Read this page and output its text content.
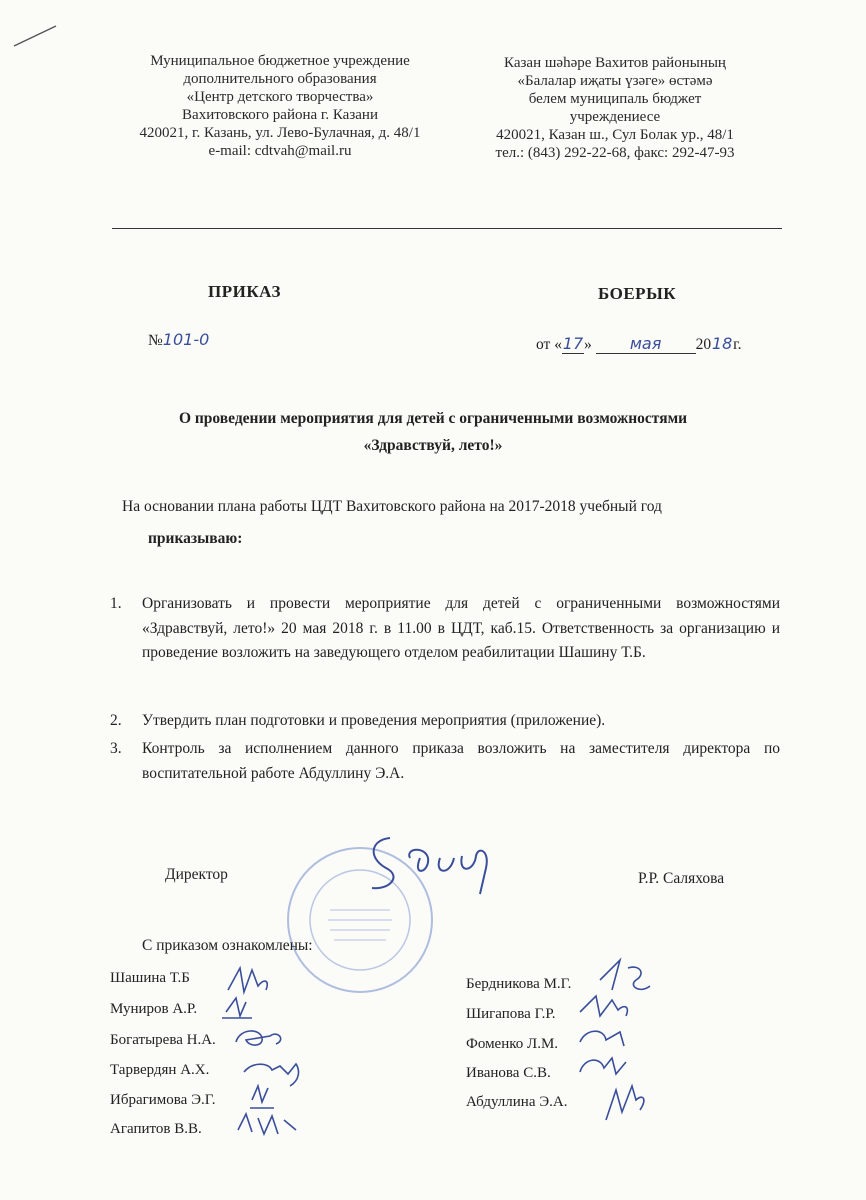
Муниципальное бюджетное учреждение
дополнительного образования
«Центр детского творчества»
Вахитовского района г. Казани
420021, г. Казань, ул. Лево-Булачная, д. 48/1
e-mail: cdtvah@mail.ru
Казан шәһәре Вахитов районының
«Балалар иҗаты үзәге» өстәмә
белем муниципаль бюджет
учреждениесе
420021, Казан ш., Сул Болак ур., 48/1
тел.: (843) 292-22-68, факс: 292-47-93
ПРИКАЗ	БОЕРЫК
№101-0	от «17» мая 2018г.
О проведении мероприятия для детей с ограниченными возможностями
«Здравствуй, лето!»
На основании плана работы ЦДТ Вахитовского района на 2017-2018 учебный год
приказываю:
1. Организовать и провести мероприятие для детей с ограниченными возможностями «Здравствуй, лето!» 20 мая 2018 г. в 11.00 в ЦДТ, каб.15. Ответственность за организацию и проведение возложить на заведующего отделом реабилитации Шашину Т.Б.
2. Утвердить план подготовки и проведения мероприятия (приложение).
3. Контроль за исполнением данного приказа возложить на заместителя директора по воспитательной работе Абдуллину Э.А.
Директор	Р.Р. Саляхова
С приказом ознакомлены:
Шашина Т.Б
Муниров А.Р.
Богатырева Н.А.
Тарвердян А.Х.
Ибрагимова Э.Г.
Агапитов В.В.
Бердникова М.Г.
Шигапова Г.Р.
Фоменко Л.М.
Иванова С.В.
Абдуллина Э.А.
